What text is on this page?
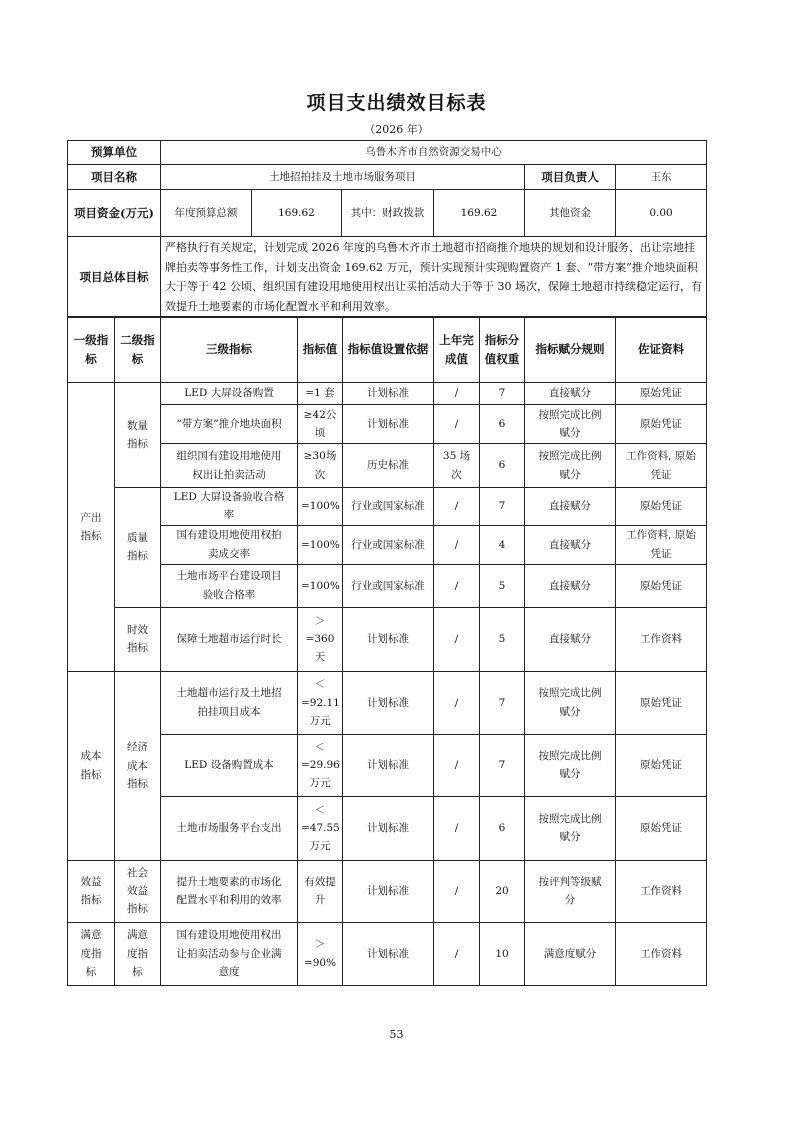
项目支出绩效目标表
（2026 年）
预算单位	乌鲁木齐市自然资源交易中心					
项目名称	土地招拍挂及土地市场服务项目				项目负责人	王东
项目资金(万元)	年度预算总额	169.62	其中：财政拨款	169.62	其他资金	0.00
项目总体目标	严格执行有关规定，计划完成 2026 年度的乌鲁木齐市土地超市招商推介地块的规划和设计服务、出让宗地挂牌拍卖等事务性工作，计划支出资金 169.62 万元，预计实现预计实现购置资产 1 套、“带方案”推介地块面积大于等于 42 公顷、组织国有建设用地使用权出让买拍活动大于等于 30 场次，保障土地超市持续稳定运行，有效提升土地要素的市场化配置水平和利用效率。					
一级指标	二级指标	三级指标	指标值	指标值设置依据	上年完成值	指标分值权重	指标赋分规则	佐证资料
产出指标	数量指标	LED 大屏设备购置	=1 套	计划标准	/	7	直接赋分	原始凭证
		“带方案”推介地块面积	≥42公顷	计划标准	/	6	按照完成比例赋分	原始凭证
		组织国有建设用地使用权出让拍卖活动	≥30场次	历史标准	35 场次	6	按照完成比例赋分	工作资料, 原始凭证
	质量指标	LED 大屏设备验收合格率	=100%	行业或国家标准	/	7	直接赋分	原始凭证
		国有建设用地使用权拍卖成交率	=100%	行业或国家标准	/	4	直接赋分	工作资料, 原始凭证
		土地市场平台建设项目验收合格率	=100%	行业或国家标准	/	5	直接赋分	原始凭证
	时效指标	保障土地超市运行时长	＞=360天	计划标准	/	5	直接赋分	工作资料
成本指标	经济成本指标	土地超市运行及土地招拍挂项目成本	＜=92.11 万元	计划标准	/	7	按照完成比例赋分	原始凭证
		LED 设备购置成本	＜=29.96 万元	计划标准	/	7	按照完成比例赋分	原始凭证
		土地市场服务平台支出	＜=47.55 万元	计划标准	/	6	按照完成比例赋分	原始凭证
效益指标	社会效益指标	提升土地要素的市场化配置水平和利用的效率	有效提升	计划标准	/	20	按评判等级赋分	工作资料
满意度指标	满意度指标	国有建设用地使用权出让拍卖活动参与企业满意度	＞=90%	计划标准	/	10	满意度赋分	工作资料
53
